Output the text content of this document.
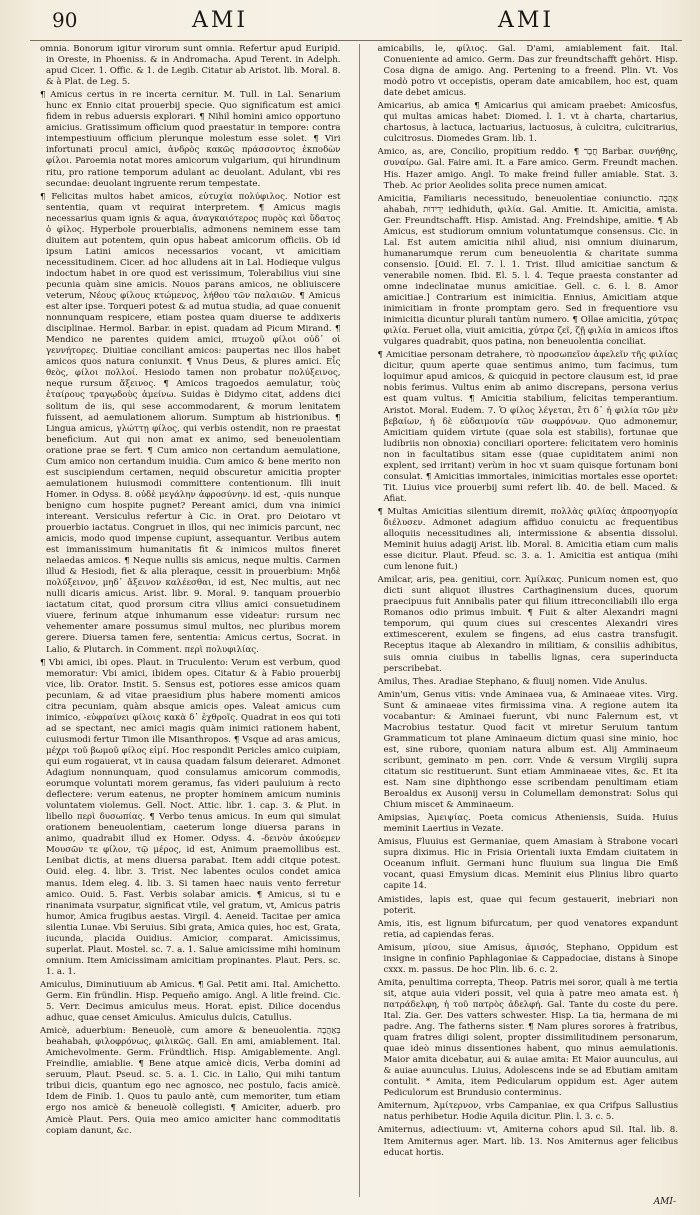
90	AMI	AMI

omnia. Bonorum igitur virorum sunt omnia. Refertur apud Euripid. in Oreste, in Phoeniss. & in Andromacha. Apud Terent. in Adelph. apud Cicer. 1. Offic. & 1. de Legib. Citatur ab Aristot. lib. Moral. 8. & à Plat. de Leg. 5.

¶ Amicus certus in re incerta cernitur. M. Tull. in Lal. Senarium hunc ex Ennio citat prouerbij specie. Quo significatum est amici fidem in rebus aduersis explorari. ¶ Nihil homini amico opportuno amicius. Gratissimum officium quod praestatur in tempore: contra intempestiuum officium plerunque molestum esse solet. ¶ Viri infortunati procul amici, ἀνδρὸς κακῶς πράσσοντος ἐκποδὼν φίλοι. Paroemia notat mores amicorum vulgarium, qui hirundinum ritu, pro ratione temporum adulant ac deuolant. Adulant, vbi res secundae: deuolant ingruente rerum tempestate.

¶ Felicitas multos habet amicos, εὐτυχία πολύφιλος. Notior est sententia, quam vt requirat interpretem. ¶ Amicus magis necessarius quam ignis & aqua, ἀναγκαιότερος πυρὸς καὶ ὕδατος ὁ φίλος. Hyperbole prouerbialis, admonens neminem esse tam diuitem aut potentem, quin opus habeat amicorum officiis. Ob id ipsum Latini amicos necessarios vocant, vt amicitiam necessitudinem. Cicer. ad hoc alludens ait in Lal. Hodieque vulgus indoctum habet in ore quod est verissimum, Tolerabilius viui sine pecunia quàm sine amicis. Nouos parans amicos, ne obliuiscere veterum, Νέους φίλους κτώμενος, λήθου τῶν παλαιῶν. ¶ Amicus est alter ipse. Torqueri potest & ad mutua studia, ad quae conuenit nonnunquam respicere, etiam postea quam diuerse te addixeris disciplinae. Hermol. Barbar. in epist. quadam ad Picum Mirand. ¶ Mendico ne parentes quidem amici, πτωχοῦ φίλοι οὐδ᾽ οἱ γεννήτορες. Diuitiae conciliant amicos: paupertas nec illos habet amicos quos natura coniunxit. ¶ Vnus Deus, & plures amici. Εἷς θεὸς, φίλοι πολλοί. Hesiodo tamen non probatur πολύξεινος, neque rursum ἄξεινος. ¶ Amicos tragoedos aemulatur, τοὺς ἑταίρους τραγῳδοὺς ἀμείνω. Suidas è Didymo citat, addens dici solitum de iis, qui sese accommodarent, & morum lenitatem fuissent, ad aemulationem aliorum. Sumptum ab histrionibus. ¶ Lingua amicus, γλώττῃ φίλος, qui verbis ostendit, non re praestat beneficium. Aut qui non amat ex animo, sed beneuolentiam oratione prae se fert. ¶ Cum amico non certandum aemulatione, Cum amico non certandum inuidia. Cum amico & bene merito non est suscipiendum certamen, nequid obscuretur amicitia propter aemulationem huiusmodi committere contentionum. Illi inuit Homer. in Odyss. 8. οὐδὲ μεγάλην ἀφροσύνην. id est, -quis nunque benigno cum hospite pugnet? Pereant amici, dum vna inimici intereant. Versiculus refertur à Cic. in Orat. pro Deiotaro vt prouerbio iactatus. Congruet in illos, qui nec inimicis parcunt, nec amicis, modo quod impense cupiunt, assequantur. Veribus autem est immanissimum humanitatis fit & inimicos multos fineret nelaedas amicos. ¶ Neque nullis sis amicus, neque multis. Carmen illud & Hesiodi, fiet & alia pleraque, cessit in prouerbium: Μηδὲ πολύξεινον, μηδ᾽ ἄξεινον καλέεσθαι, id est, Nec multis, aut nec nulli dicaris amicus. Arist. libr. 9. Moral. 9. tanquam prouerbio iactatum citat, quod prorsum citra vllius amici consuetudinem viuere, ferinum atque inhumanum esse videatur: rursum nec vehementer amare possumus simul multos, nec pluribus morem gerere. Diuersa tamen fere, sententia: Amicus certus, Socrat. in Lalio, & Plutarch. in Comment. περὶ πολυφιλίας.

¶ Vbi amici, ibi opes. Plaut. in Truculento: Verum est verbum, quod memoratur: Vbi amici, ibidem opes. Citatur & à Fabio prouerbij vice, lib. Orator. Instit. 5. Sensus est, potiores esse amicos quam pecuniam, & ad vitae praesidium plus habere momenti amicos citra pecuniam, quàm absque amicis opes. Valeat amicus cum inimico, -εὐφραίνει φίλοις κακὰ δ᾽ ἐχθροῖς. Quadrat in eos qui toti ad se spectant, nec amici magis quàm inimici rationem habent, cuiusmodi fertur Timon ille Misanthropos. ¶ Vsque ad aras amicus, μέχρι τοῦ βωμοῦ φίλος εἰμί. Hoc respondit Pericles amico cuipiam, qui eum rogauerat, vt in causa quadam falsum deieraret. Admonet Adagium nonnunquam, quod consulamus amicorum commodis, eorumque voluntati morem geramus, fas videri pauluium à recto deflectere: verum eatenus, ne propter hominem amicum numinis voluntatem violemus. Gell. Noct. Attic. libr. 1. cap. 3. & Plut. in libello περὶ δυσωπίας. ¶ Verbo tenus amicus. In eum qui simulat orationem beneuolentiam, caeterum longe diuersa parans in animo, quadrabit illud ex Homer. Odyss. 4. -δεινὸν ἀκούεμεν Μουσῶν τε φίλον, τῷ μέρος, id est, Animum praemollibus est. Lenibat dictis, at mens diuersa parabat. Item addi citque potest. Ouid. eleg. 4. libr. 3. Trist. Nec labentes oculos condet amica manus. Idem eleg. 4. lib. 3. Si tamen haec nauis vento ferretur amico. Ouid. 5. Fast. Verbis solabar amicis. ¶ Amicus, si tu e rinanimata vsurpatur, significat vtile, vel gratum, vt, Amicus patris humor, Amica frugibus aestas. Virgil. 4. Aeneid. Tacitae per amica silentia Lunae. Vbi Seruius. Sibi grata, Amica quies, hoc est, Grata, iucunda, placida Ouidius. Amicior, comparat. Amicissimus, superlat. Plaut. Mostel. sc. 7. a. 1. Salue amicissime mihi hominum omnium. Item Amicissimam amicitiam propinantes. Plaut. Pers. sc. 1. a. 1.

Amiculus, Diminutiuum ab Amicus. ¶ Gal. Petit ami. Ital. Amichetto. Germ. Ein fründlin. Hisp. Pequeño amigo. Angl. A litle freind. Cic. 5. Verr. Decimus amiculus meus. Horat. epist. Dilice docendus adhuc, quae censet Amiculus. Amiculus dulcis, Catullus.

Amicè, aduerbium: Beneuolè, cum amore & beneuolentia. בְּאַהֲבָה beahabah, φιλοφρόνως, φιλικῶς. Gall. En ami, amiablement. Ital. Amichevolmente. Germ. Fründtlich. Hisp. Amigablemente. Angl. Freindlie, amiablie. ¶ Bene atque amicè dicis, Verba domini ad seruum, Plaut. Pseud. sc. 5. a. 1. Cic. in Lalio, Qui mihi tantum tribui dicis, quantum ego nec agnosco, nec postulo, facis amicè. Idem de Finib. 1. Quos tu paulo antè, cum memoriter, tum etiam ergo nos amicè & beneuolè collegisti. ¶ Amiciter, aduerb. pro Amicè Plaut. Pers. Quia meo amico amiciter hanc commoditatis copiam danunt, &c.

amicabilis, le, φίλιος. Gal. D'ami, amiablement fait. Ital. Conueniente ad amico. Germ. Das zur freundtschafft gehört. Hisp. Cosa digna de amigo. Ang. Pertening to a freend. Plin. Vt. Vos modò potro vt occepistis, operam date amicabilem, hoc est, quam date debet amicus.

Amicarius, ab amica ¶ Amicarius qui amicam praebet: Amicosfus, qui multas amicas habet: Diomed. l. 1. vt à charta, chartarius, chartosus, à lactuca, lactuarius, lactuosus, à culcitra, culcitrarius, culcitrosus. Diomedes Gram. lib. 1.

Amico, as, are, Concilio, propitium reddo. ¶ חֲבָר Barbar. συνήθης, συναίρω. Gal. Faire ami. It. a Fare amico. Germ. Freundt machen. His. Hazer amigo. Angl. To make freind fuller amiable. Stat. 3. Theb. Ac prior Aeolides solita prece numen amicat.

Amicitia, Familiaris necessitudo, beneuolentiae coniunctio. אַהֲבָה ahabah, יְדִידוּת iedhiduth, φιλία. Gal. Amitie. It. Amicitia, amista. Ger. Freundtschafft. Hisp. Amistad. Ang. Freindshipe, amitie. ¶ Ab Amicus, est studiorum omnium voluntatumque consensus. Cic. in Lal. Est autem amicitia nihil aliud, nisi omnium diuinarum, humanarumque rerum cum beneuolentia & charitate summa consensio. [Ouid. El. 7. l. 1. Trist. Illud amicitiae sanctum & venerabile nomen. Ibid. El. 5. l. 4. Teque praesta constanter ad omne indeclinatae munus amicitiae. Gell. c. 6. l. 8. Amor amicitiae.] Contrarium est inimicitia. Ennius, Amicitiam atque inimicitiam in fronte promptam gero. Sed in frequentiore vsu inimicitia dicuntur plurali tantùm numero. ¶ Ollae amicitia, χύτρας φιλία. Feruet olla, viuit amicitia, χύτρα ζεῖ, ζῇ φιλία in amicos iftos vulgares quadrabit, quos patina, non beneuolentia conciliat.

¶ Amicitiae personam detrahere, τὸ προσωπεῖον ἀφελεῖν τῆς φιλίας dicitur, quum aperte quae sentimus animo, tum facimus, tum loquimur apud amicos, & quicquid in pectore clausum est, id prae nobis ferimus. Vultus enim ab animo discrepans, persona verius est quam vultus. ¶ Amicitia stabilium, felicitas temperantium. Aristot. Moral. Eudem. 7. Ὁ φίλος λέγεται, ἔτι δ᾽ ἡ φιλία τῶν μὲν βεβαίων, ἡ δὲ εὐδαιμονία τῶν σωφρόνων. Quo admonemur, Amicitiam quidem virtute (quae sola est stabilis), fortunae que ludibriis non obnoxia) conciliari oportere: felicitatem vero hominis non in facultatibus sitam esse (quae cupiditatem animi non explent, sed irritant) verùm in hoc vt suam quisque fortunam boni consulat. ¶ Amicitias immortales, inimicitias mortales esse oportet: Tit. Liuius vice prouerbij sumi refert lib. 40. de bell. Maced. & Afiat.

¶ Multas Amicitias silentium diremit, πολλὰς φιλίας ἀπροσηγορία διέλυσεν. Admonet adagium affiduo conuictu ac frequentibus alloquiis necessitudines ali, intermissione & absentia dissolui. Meminit huius adagij Arist. lib. Moral. 8. Amicitia etiam cum malis esse dicitur. Plaut. Pfeud. sc. 3. a. 1. Amicitia est antiqua (mihi cum lenone fuit.)

Amilcar, aris, pea. genitiui, corr. Ἀμίλκας. Punicum nomen est, quo dicti sunt aliquot illustres Carthaginensium duces, quorum praecipuus fuit Annibalis pater qui filium ittreconciliabili illo erga Romanos odio primus imbuit. ¶ Fuit & alter Alexandri magni temporum, qui quum ciues sui crescentes Alexandri vires extimescerent, exulem se fingens, ad eius castra transfugit. Receptus itaque ab Alexandro in militiam, & consiliis adhibitus, suis omnia ciuibus in tabellis lignas, cera superinducta perscribebat.

Amilus, Thes. Aradiae Stephano, & fluuij nomen. Vide Anulus.

Amin'um, Genus vitis: vnde Aminaea vua, & Aminaeae vites. Virg. Sunt & aminaeae vites firmissima vina. A regione autem ita vocabantur: & Aminaei fuerunt, vbi nunc Falernum est, vt Macrobius testatur. Quod facit vt miretur Seruium tantum Grammaticum tot plane Aminaeum dictum quasi sine minio, hoc est, sine rubore, quoniam natura album est. Alij Amminaeum scribunt, geminato m pen. corr. Vnde & versum Virgilij supra citatum sic restituerunt. Sunt etiam Amminaeae vites, &c. Et ita est. Nam sine diphthongo esse scribendam penultimam etiam Beroaldus ex Ausonij versu in Columellam demonstrat: Solus qui Chium miscet & Amminaeum.

Amipsias, Ἀμειψίας. Poeta comicus Atheniensis, Suida. Huius meminit Laertius in Vezate.

Amisus, Fluuius est Germaniae, quem Amasiam à Strabone vocari supra diximus. Hic in Frisia Orientali iuxta Emdam ciuitatem in Oceanum influit. Germani hunc fluuium sua lingua Die Emß vocant, quasi Emysium dicas. Meminit eius Plinius libro quarto capite 14.

Amistides, lapis est, quae qui fecum gestauerit, inebriari non poterit.

Amis, itis, est lignum bifurcatum, per quod venatores expandunt retia, ad capiendas feras.

Amisum, μίσου, siue Amisus, ἀμισός, Stephano, Oppidum est insigne in confinio Paphlagoniae & Cappadociae, distans à Sinope cxxx. m. passus. De hoc Plin. lib. 6. c. 2.

Amita, penultima correpta, Theop. Patris mei soror, quali à me tertia sit, atque auia videri possit, vel quia à patre meo amata est. ἡ πατράδελφη, ἡ τοῦ πατρὸς ἀδελφή. Gal. Tante du coste du pere. Ital. Zia. Ger. Des vatters schwester. Hisp. La tia, hermana de mi padre. Ang. The fatherns sister. ¶ Nam plures sorores à fratribus, quam fratres diligi solent, propter dissimilitudinem personarum, quae ideò minus dissentiones habent, quo minus aemulationis. Maior amita dicebatur, aui & auiae amita: Et Maior auunculus, aui & auiae auunculus. Liuius, Adolescens inde se ad Ebutiam amitam contulit. * Amita, item Pedicularum oppidum est. Ager autem Pediculorum est Brundusio conterminus.

Amiternum, Ἀμίτερνον, vrbs Campaniae, ex qua Crifpus Sallustius natus perhibetur. Hodie Aquila dicitur. Plin. l. 3. c. 5.

Amiternus, adiectiuum: vt, Amiterna cohors apud Sil. Ital. lib. 8. Item Amiternus ager. Mart. lib. 13. Nos Amiternus ager felicibus educat hortis.

AMI-
